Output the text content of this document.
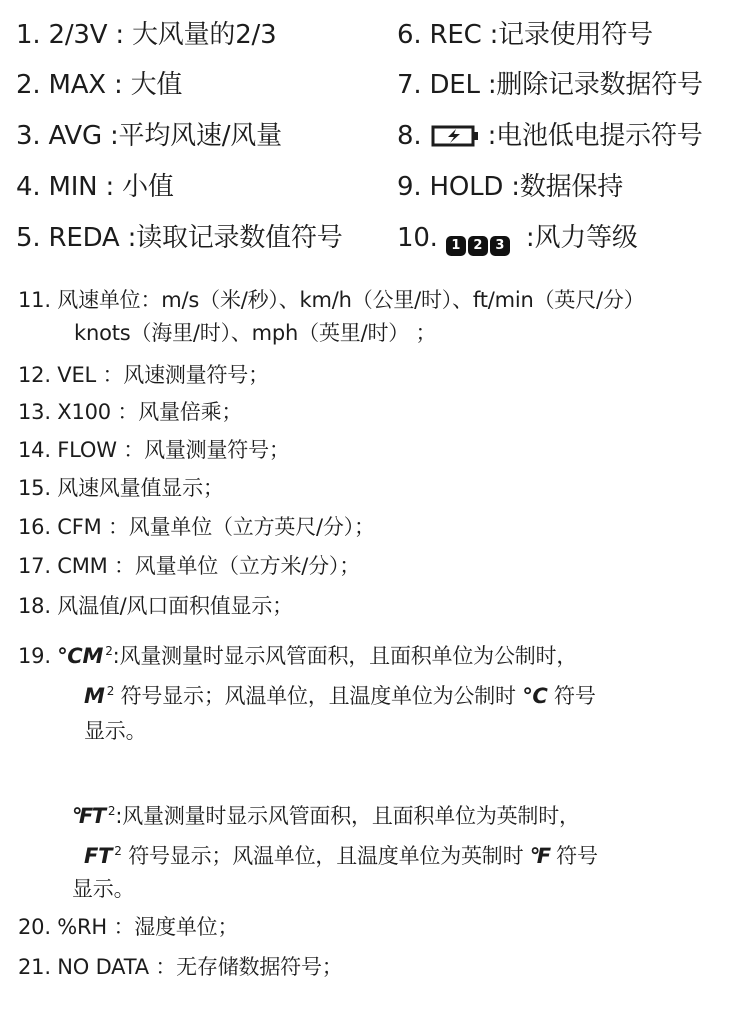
1. 2/3V : 大风量的2/3
2. MAX : 大值
3. AVG :平均风速/风量
4. MIN : 小值
5. REDA :读取记录数值符号
6. REC :记录使用符号
7. DEL :删除记录数据符号
8.	:电池低电提示符号
9. HOLD :数据保持
10.	1	2	3 :风力等级
11. 风速单位：m/s（米/秒）、km/h（公里/时）、ft/min（英尺/分）
knots（海里/时）、mph（英里/时） ；
12. VEL ：风速测量符号；
13. X100 ：风量倍乘；
14. FLOW ：风量测量符号；
15. 风速风量值显示；
16. CFM ：风量单位（立方英尺/分）；
17. CMM ：风量单位（立方米/分）；
18. 风温值/风口面积值显示；
19. ℃M $^2$:风量测量时显示风管面积，且面积单位为公制时，
M $^2$ 符号显示；风温单位，且温度单位为公制时 ℃ 符号
显示。
℉T $^2$:风量测量时显示风管面积，且面积单位为英制时，
FT $^2$ 符号显示；风温单位，且温度单位为英制时 ℉ 符号
显示。
20. %RH ：湿度单位；
21. NO DATA ：无存储数据符号；
